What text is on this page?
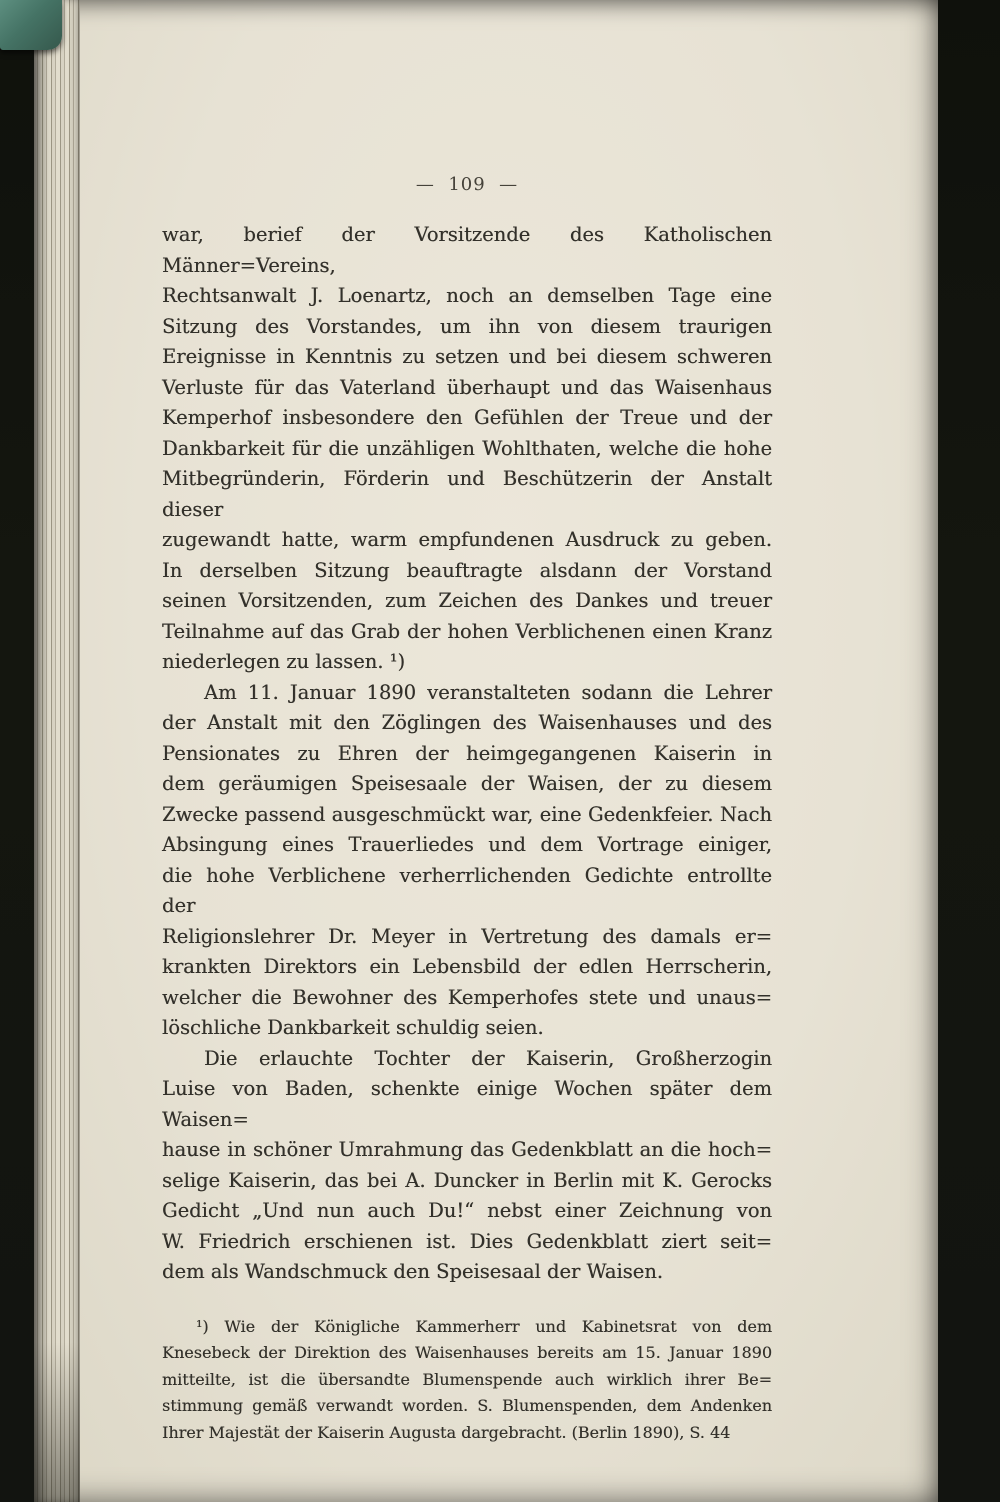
—  109  —
war, berief der Vorsitzende des Katholischen Männer=Vereins,
Rechtsanwalt J. Loenartz, noch an demselben Tage eine
Sitzung des Vorstandes, um ihn von diesem traurigen
Ereignisse in Kenntnis zu setzen und bei diesem schweren
Verluste für das Vaterland überhaupt und das Waisenhaus
Kemperhof insbesondere den Gefühlen der Treue und der
Dankbarkeit für die unzähligen Wohlthaten, welche die hohe
Mitbegründerin, Förderin und Beschützerin der Anstalt dieser
zugewandt hatte, warm empfundenen Ausdruck zu geben.
In derselben Sitzung beauftragte alsdann der Vorstand
seinen Vorsitzenden, zum Zeichen des Dankes und treuer
Teilnahme auf das Grab der hohen Verblichenen einen Kranz
niederlegen zu lassen. ¹)
Am 11. Januar 1890 veranstalteten sodann die Lehrer
der Anstalt mit den Zöglingen des Waisenhauses und des
Pensionates zu Ehren der heimgegangenen Kaiserin in
dem geräumigen Speisesaale der Waisen, der zu diesem
Zwecke passend ausgeschmückt war, eine Gedenkfeier. Nach
Absingung eines Trauerliedes und dem Vortrage einiger,
die hohe Verblichene verherrlichenden Gedichte entrollte der
Religionslehrer Dr. Meyer in Vertretung des damals er=
krankten Direktors ein Lebensbild der edlen Herrscherin,
welcher die Bewohner des Kemperhofes stete und unaus=
löschliche Dankbarkeit schuldig seien.
Die erlauchte Tochter der Kaiserin, Großherzogin
Luise von Baden, schenkte einige Wochen später dem Waisen=
hause in schöner Umrahmung das Gedenkblatt an die hoch=
selige Kaiserin, das bei A. Duncker in Berlin mit K. Gerocks
Gedicht „Und nun auch Du!“ nebst einer Zeichnung von
W. Friedrich erschienen ist. Dies Gedenkblatt ziert seit=
dem als Wandschmuck den Speisesaal der Waisen.
¹) Wie der Königliche Kammerherr und Kabinetsrat von dem
Knesebeck der Direktion des Waisenhauses bereits am 15. Januar 1890
mitteilte, ist die übersandte Blumenspende auch wirklich ihrer Be=
stimmung gemäß verwandt worden. S. Blumenspenden, dem Andenken
Ihrer Majestät der Kaiserin Augusta dargebracht. (Berlin 1890), S. 44
